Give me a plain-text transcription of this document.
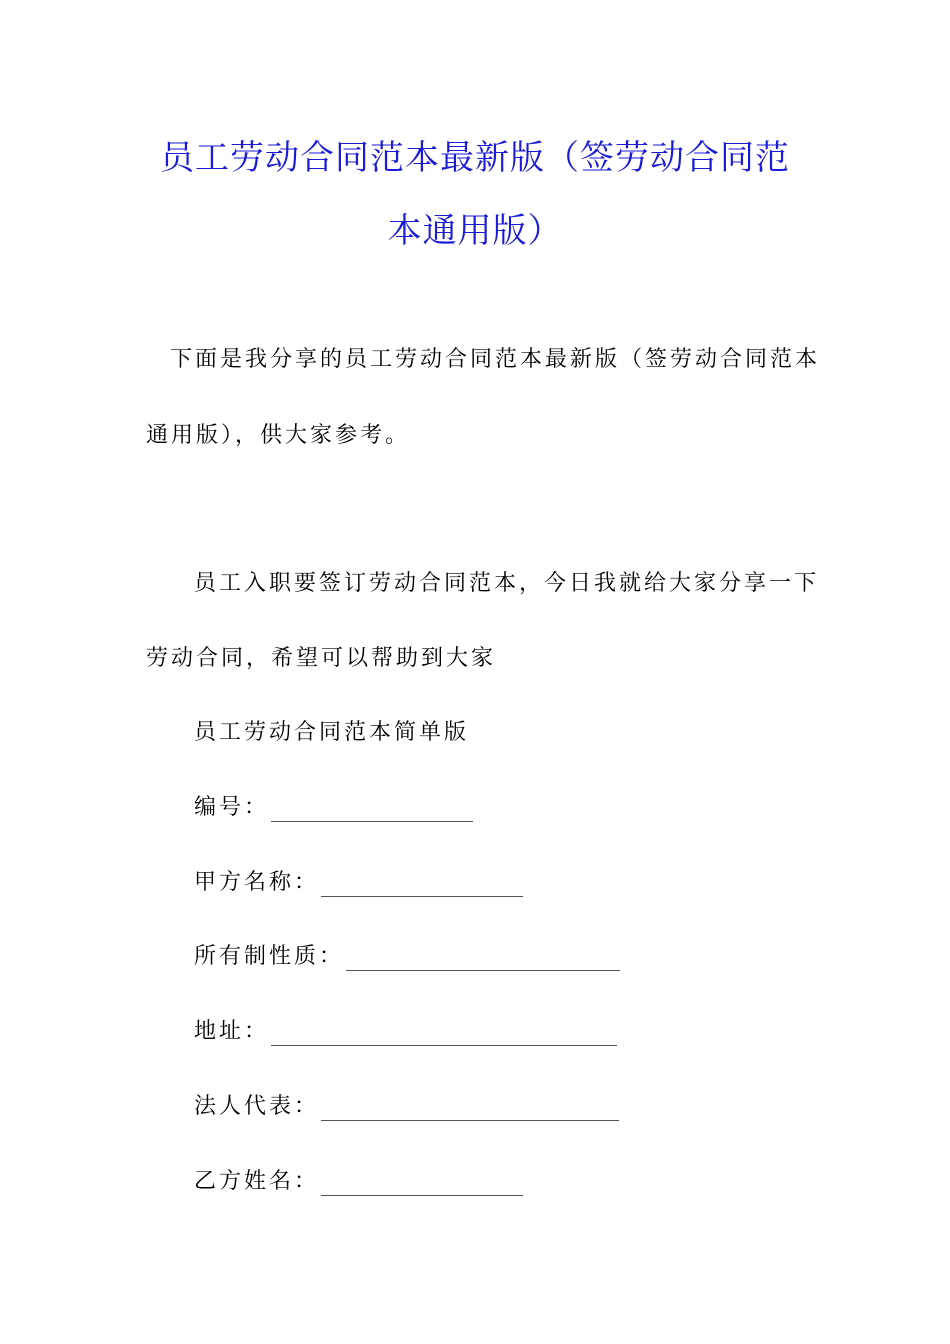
员工劳动合同范本最新版（签劳动合同范
本通用版）
下面是我分享的员工劳动合同范本最新版（签劳动合同范本
通用版），供大家参考。
员工入职要签订劳动合同范本，今日我就给大家分享一下
劳动合同，希望可以帮助到大家
员工劳动合同范本简单版
编号：
甲方名称：
所有制性质：
地址：
法人代表：
乙方姓名：
